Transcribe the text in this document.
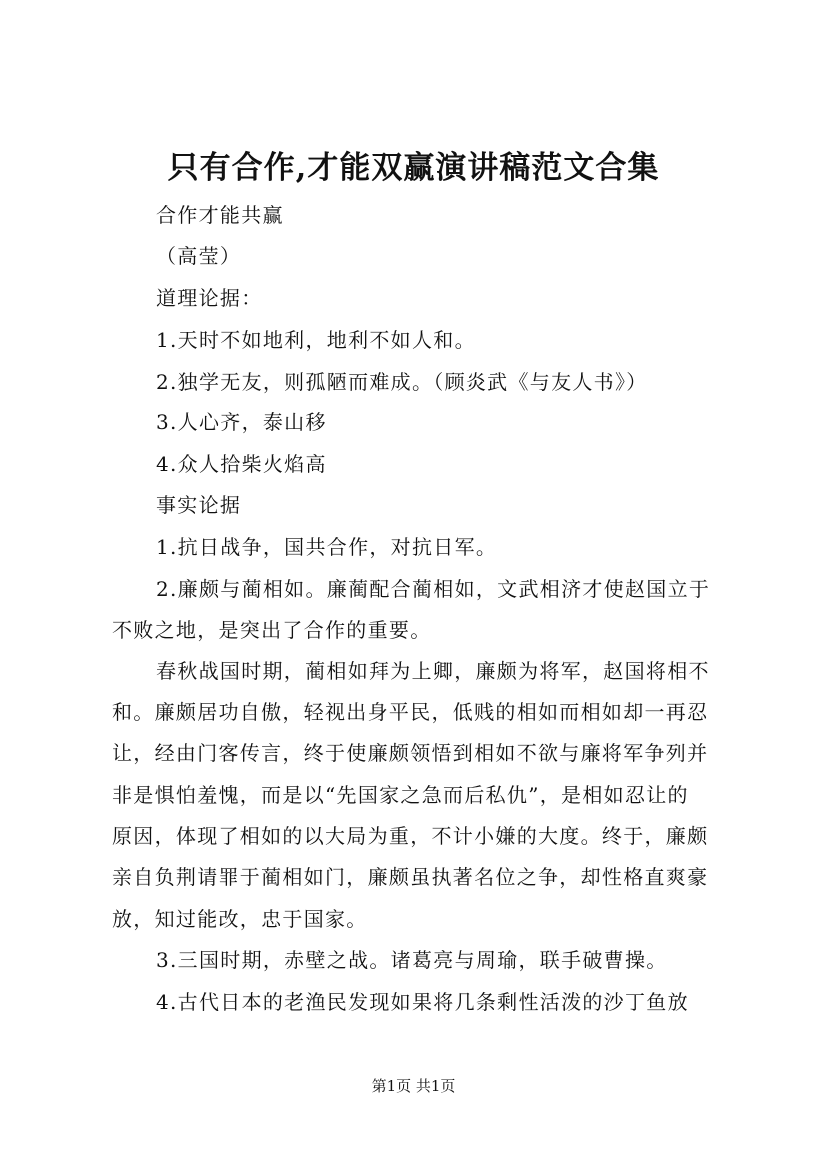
只有合作,才能双赢演讲稿范文合集
合作才能共赢
（高莹）
道理论据：
1.天时不如地利，地利不如人和。
2.独学无友，则孤陋而难成。（顾炎武《与友人书》）
3.人心齐，泰山移
4.众人拾柴火焰高
事实论据
1.抗日战争，国共合作，对抗日军。
2.廉颇与蔺相如。廉蔺配合蔺相如，文武相济才使赵国立于
不败之地，是突出了合作的重要。
春秋战国时期，蔺相如拜为上卿，廉颇为将军，赵国将相不
和。廉颇居功自傲，轻视出身平民，低贱的相如而相如却一再忍
让，经由门客传言，终于使廉颇领悟到相如不欲与廉将军争列并
非是惧怕羞愧，而是以“先国家之急而后私仇”，是相如忍让的
原因，体现了相如的以大局为重，不计小嫌的大度。终于，廉颇
亲自负荆请罪于蔺相如门，廉颇虽执著名位之争，却性格直爽豪
放，知过能改，忠于国家。
3.三国时期，赤壁之战。诸葛亮与周瑜，联手破曹操。
4.古代日本的老渔民发现如果将几条剩性活泼的沙丁鱼放
第1页 共1页
